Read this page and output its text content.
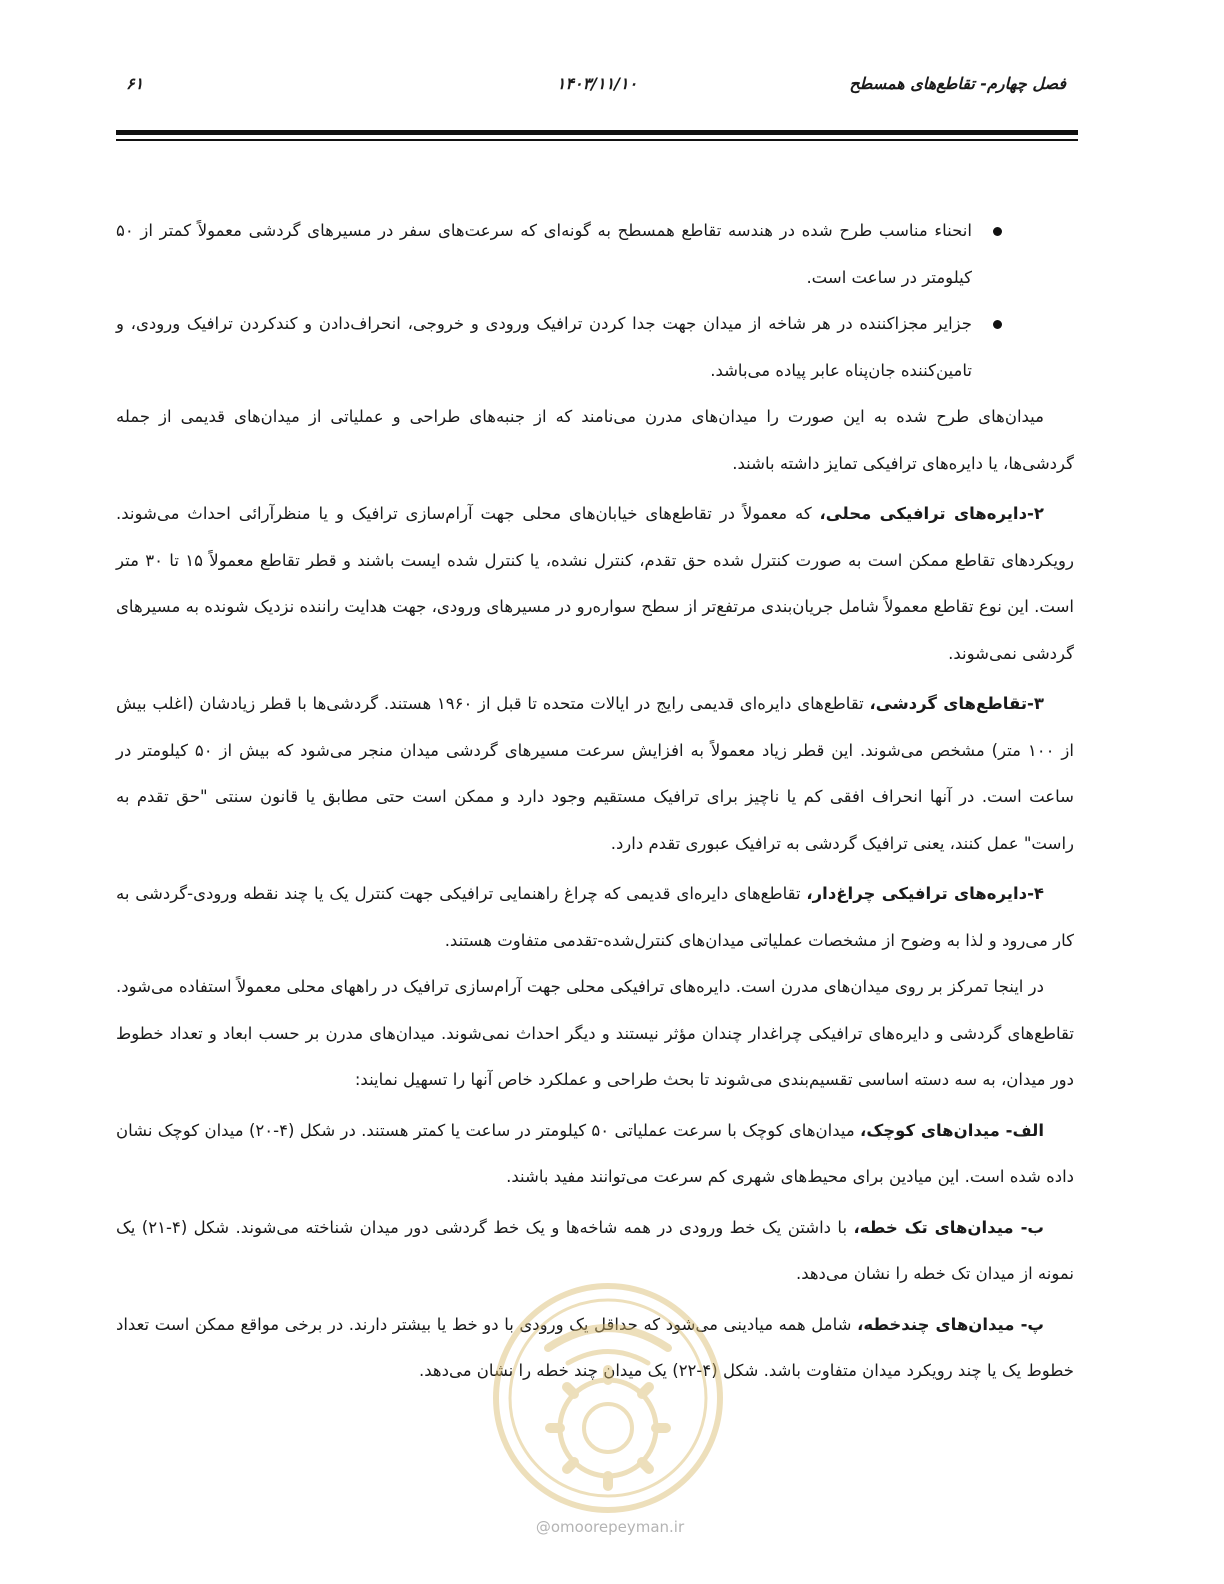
فصل چهارم- تقاطع‌های همسطح
۱۴۰۳/۱۱/۱۰
۶۱
انحناء مناسب طرح شده در هندسه تقاطع همسطح به گونه‌ای که سرعت‌های سفر در مسیرهای گردشی معمولاً کمتر از ۵۰ کیلومتر در ساعت است.
جزایر مجزاکننده در هر شاخه از میدان جهت جدا کردن ترافیک ورودی و خروجی، انحراف‌دادن و کندکردن ترافیک ورودی، و تامین‌کننده جان‌پناه عابر پیاده می‌باشد.

میدان‌های طرح شده به این صورت را میدان‌های مدرن می‌نامند که از جنبه‌های طراحی و عملیاتی از میدان‌های قدیمی از جمله گردشی‌ها، یا دایره‌های ترافیکی تمایز داشته باشند.

۲-دایره‌های ترافیکی محلی، که معمولاً در تقاطع‌های خیابان‌های محلی جهت آرام‌سازی ترافیک و یا منظرآرائی احداث می‌شوند. رویکردهای تقاطع ممکن است به صورت کنترل شده حق تقدم، کنترل نشده، یا کنترل شده ایست باشند و قطر تقاطع معمولاً ۱۵ تا ۳۰ متر است. این نوع تقاطع معمولاً شامل جریان‌بندی مرتفع‌تر از سطح سواره‌رو در مسیرهای ورودی، جهت هدایت راننده نزدیک شونده به مسیرهای گردشی نمی‌شوند.

۳-تقاطع‌های گردشی، تقاطع‌های دایره‌ای قدیمی رایج در ایالات متحده تا قبل از ۱۹۶۰ هستند. گردشی‌ها با قطر زیادشان (اغلب بیش از ۱۰۰ متر) مشخص می‌شوند. این قطر زیاد معمولاً به افزایش سرعت مسیرهای گردشی میدان منجر می‌شود که بیش از ۵۰ کیلومتر در ساعت است. در آنها انحراف افقی کم یا ناچیز برای ترافیک مستقیم وجود دارد و ممکن است حتی مطابق یا قانون سنتی "حق تقدم به راست" عمل کنند، یعنی ترافیک گردشی به ترافیک عبوری تقدم دارد.

۴-دایره‌های ترافیکی چراغ‌دار، تقاطع‌های دایره‌ای قدیمی که چراغ راهنمایی ترافیکی جهت کنترل یک یا چند نقطه ورودی-گردشی به کار می‌رود و لذا به وضوح از مشخصات عملیاتی میدان‌های کنترل‌شده-تقدمی متفاوت هستند.

در اینجا تمرکز بر روی میدان‌های مدرن است. دایره‌های ترافیکی محلی جهت آرام‌سازی ترافیک در راههای محلی معمولاً استفاده می‌شود. تقاطع‌های گردشی و دایره‌های ترافیکی چراغدار چندان مؤثر نیستند و دیگر احداث نمی‌شوند. میدان‌های مدرن بر حسب ابعاد و تعداد خطوط دور میدان، به سه دسته اساسی تقسیم‌بندی می‌شوند تا بحث طراحی و عملکرد خاص آنها را تسهیل نمایند:

الف- میدان‌های کوچک، میدان‌های کوچک با سرعت عملیاتی ۵۰ کیلومتر در ساعت یا کمتر هستند. در شکل (۴-۲۰) میدان کوچک نشان داده شده است. این میادین برای محیط‌های شهری کم سرعت می‌توانند مفید باشند.

ب- میدان‌های تک خطه، با داشتن یک خط ورودی در همه شاخه‌ها و یک خط گردشی دور میدان شناخته می‌شوند. شکل (۴-۲۱) یک نمونه از میدان تک خطه را نشان می‌دهد.

پ- میدان‌های چندخطه، شامل همه میادینی می‌شود که حداقل یک ورودی با دو خط یا بیشتر دارند. در برخی مواقع ممکن است تعداد خطوط یک یا چند رویکرد میدان متفاوت باشد. شکل (۴-۲۲) یک میدان چند خطه را نشان می‌دهد.

@omoorepeyman.ir
